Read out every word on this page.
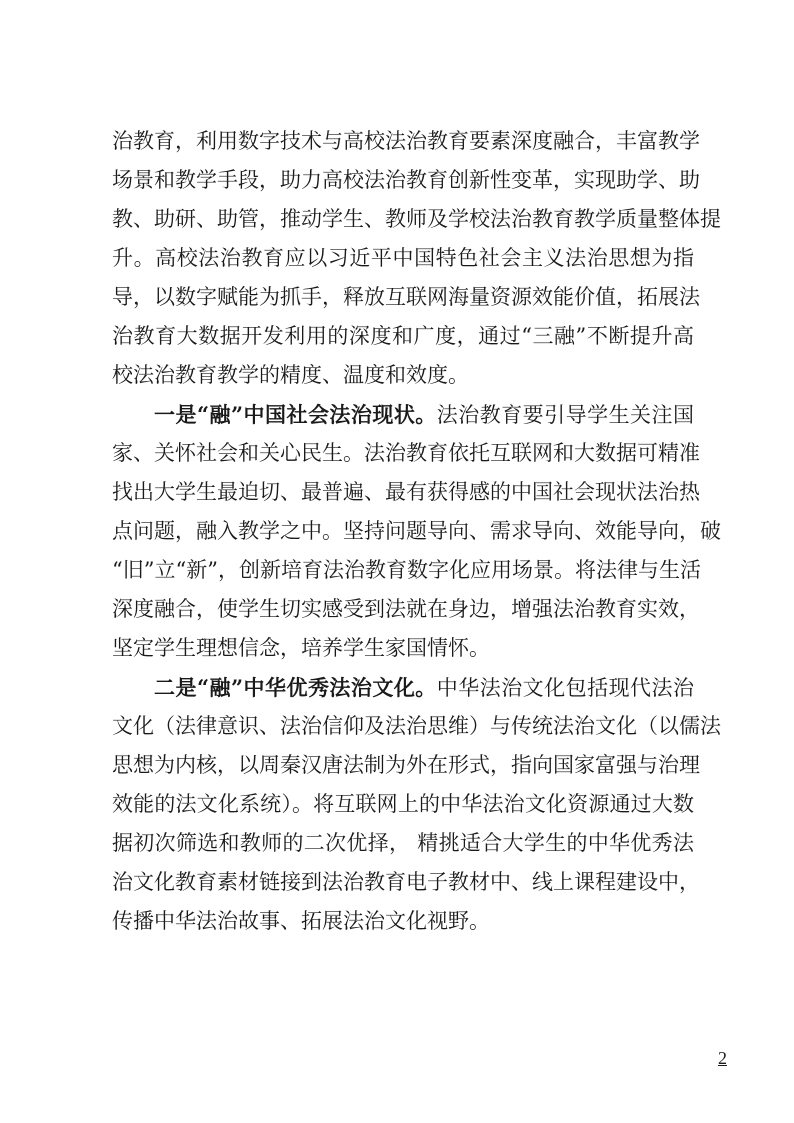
治教育，利用数字技术与高校法治教育要素深度融合，丰富教学
场景和教学手段，助力高校法治教育创新性变革，实现助学、助
教、助研、助管，推动学生、教师及学校法治教育教学质量整体提
升。高校法治教育应以习近平中国特色社会主义法治思想为指
导，以数字赋能为抓手，释放互联网海量资源效能价值，拓展法
治教育大数据开发利用的深度和广度，通过“三融”不断提升高
校法治教育教学的精度、温度和效度。
一是“融”中国社会法治现状。法治教育要引导学生关注国
家、关怀社会和关心民生。法治教育依托互联网和大数据可精准
找出大学生最迫切、最普遍、最有获得感的中国社会现状法治热
点问题，融入教学之中。坚持问题导向、需求导向、效能导向，破
“旧”立“新”，创新培育法治教育数字化应用场景。将法律与生活
深度融合，使学生切实感受到法就在身边，增强法治教育实效，
坚定学生理想信念，培养学生家国情怀。
二是“融”中华优秀法治文化。中华法治文化包括现代法治
文化（法律意识、法治信仰及法治思维）与传统法治文化（以儒法
思想为内核，以周秦汉唐法制为外在形式，指向国家富强与治理
效能的法文化系统）。将互联网上的中华法治文化资源通过大数
据初次筛选和教师的二次优择， 精挑适合大学生的中华优秀法
治文化教育素材链接到法治教育电子教材中、线上课程建设中，
传播中华法治故事、拓展法治文化视野。
2
